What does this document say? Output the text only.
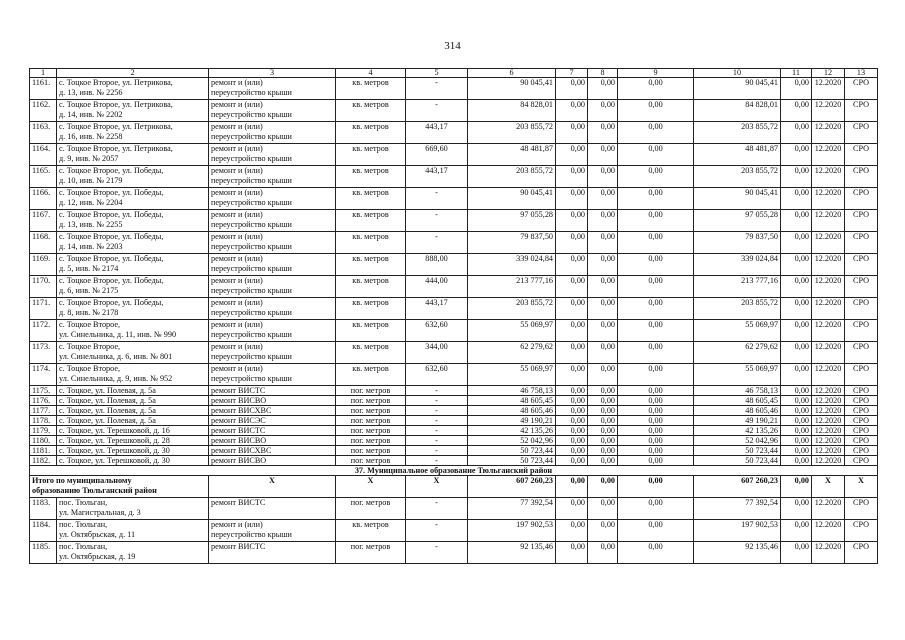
314
1	2	3	4	5	6	7	8	9	10	11	12	13
1161.	с. Тоцкое Второе, ул. Петрикова,
д. 13, инв. № 2256	ремонт и (или)
переустройство крыши	кв. метров	-	90 045,41	0,00	0,00	0,00	90 045,41	0,00	12.2020	СРО
1162.	с. Тоцкое Второе, ул. Петрикова,
д. 14, инв. № 2202	ремонт и (или)
переустройство крыши	кв. метров	-	84 828,01	0,00	0,00	0,00	84 828,01	0,00	12.2020	СРО
1163.	с. Тоцкое Второе, ул. Петрикова,
д. 16, инв. № 2258	ремонт и (или)
переустройство крыши	кв. метров	443,17	203 855,72	0,00	0,00	0,00	203 855,72	0,00	12.2020	СРО
1164.	с. Тоцкое Второе, ул. Петрикова,
д. 9, инв. № 2057	ремонт и (или)
переустройство крыши	кв. метров	669,60	48 481,87	0,00	0,00	0,00	48 481,87	0,00	12.2020	СРО
1165.	с. Тоцкое Второе, ул. Победы,
д. 10, инв. № 2179	ремонт и (или)
переустройство крыши	кв. метров	443,17	203 855,72	0,00	0,00	0,00	203 855,72	0,00	12.2020	СРО
1166.	с. Тоцкое Второе, ул. Победы,
д. 12, инв. № 2204	ремонт и (или)
переустройство крыши	кв. метров	-	90 045,41	0,00	0,00	0,00	90 045,41	0,00	12.2020	СРО
1167.	с. Тоцкое Второе, ул. Победы,
д. 13, инв. № 2255	ремонт и (или)
переустройство крыши	кв. метров	-	97 055,28	0,00	0,00	0,00	97 055,28	0,00	12.2020	СРО
1168.	с. Тоцкое Второе, ул. Победы,
д. 14, инв. № 2203	ремонт и (или)
переустройство крыши	кв. метров	-	79 837,50	0,00	0,00	0,00	79 837,50	0,00	12.2020	СРО
1169.	с. Тоцкое Второе, ул. Победы,
д. 5, инв. № 2174	ремонт и (или)
переустройство крыши	кв. метров	888,00	339 024,84	0,00	0,00	0,00	339 024,84	0,00	12.2020	СРО
1170.	с. Тоцкое Второе, ул. Победы,
д. 6, инв. № 2175	ремонт и (или)
переустройство крыши	кв. метров	444,00	213 777,16	0,00	0,00	0,00	213 777,16	0,00	12.2020	СРО
1171.	с. Тоцкое Второе, ул. Победы,
д. 8, инв. № 2178	ремонт и (или)
переустройство крыши	кв. метров	443,17	203 855,72	0,00	0,00	0,00	203 855,72	0,00	12.2020	СРО
1172.	с. Тоцкое Второе,
ул. Синельника, д. 11, инв. № 990	ремонт и (или)
переустройство крыши	кв. метров	632,60	55 069,97	0,00	0,00	0,00	55 069,97	0,00	12.2020	СРО
1173.	с. Тоцкое Второе,
ул. Синельника, д. 6, инв. № 801	ремонт и (или)
переустройство крыши	кв. метров	344,00	62 279,62	0,00	0,00	0,00	62 279,62	0,00	12.2020	СРО
1174.	с. Тоцкое Второе,
ул. Синельника, д. 9, инв. № 952	ремонт и (или)
переустройство крыши	кв. метров	632,60	55 069,97	0,00	0,00	0,00	55 069,97	0,00	12.2020	СРО
1175.	с. Тоцкое, ул. Полевая, д. 5а	ремонт ВИСТС	пог. метров	-	46 758,13	0,00	0,00	0,00	46 758,13	0,00	12.2020	СРО
1176.	с. Тоцкое, ул. Полевая, д. 5а	ремонт ВИСВО	пог. метров	-	48 605,45	0,00	0,00	0,00	48 605,45	0,00	12.2020	СРО
1177.	с. Тоцкое, ул. Полевая, д. 5а	ремонт ВИСХВС	пог. метров	-	48 605,46	0,00	0,00	0,00	48 605,46	0,00	12.2020	СРО
1178.	с. Тоцкое, ул. Полевая, д. 5а	ремонт ВИСЭС	пог. метров	-	49 190,21	0,00	0,00	0,00	49 190,21	0,00	12.2020	СРО
1179.	с. Тоцкое, ул. Терешковой, д. 16	ремонт ВИСТС	пог. метров	-	42 135,26	0,00	0,00	0,00	42 135,26	0,00	12.2020	СРО
1180.	с. Тоцкое, ул. Терешковой, д. 28	ремонт ВИСВО	пог. метров	-	52 042,96	0,00	0,00	0,00	52 042,96	0,00	12.2020	СРО
1181.	с. Тоцкое, ул. Терешковой, д. 30	ремонт ВИСХВС	пог. метров	-	50 723,44	0,00	0,00	0,00	50 723,44	0,00	12.2020	СРО
1182.	с. Тоцкое, ул. Терешковой, д. 30	ремонт ВИСВО	пог. метров	-	50 723,44	0,00	0,00	0,00	50 723,44	0,00	12.2020	СРО
37. Муниципальное образование Тюльганский район												

Итого по муниципальному
образованию Тюльганский район		X	X	X	607 260,23	0,00	0,00	0,00	607 260,23	0,00	X	X
1183.	пос. Тюльган,
ул. Магистральная, д. 3	ремонт ВИСТС	пог. метров	-	77 392,54	0,00	0,00	0,00	77 392,54	0,00	12.2020	СРО
1184.	пос. Тюльган,
ул. Октябрьская, д. 11	ремонт и (или)
переустройство крыши	кв. метров	-	197 902,53	0,00	0,00	0,00	197 902,53	0,00	12.2020	СРО
1185.	пос. Тюльган,
ул. Октябрьская, д. 19	ремонт ВИСТС	пог. метров	-	92 135,46	0,00	0,00	0,00	92 135,46	0,00	12.2020	СРО
